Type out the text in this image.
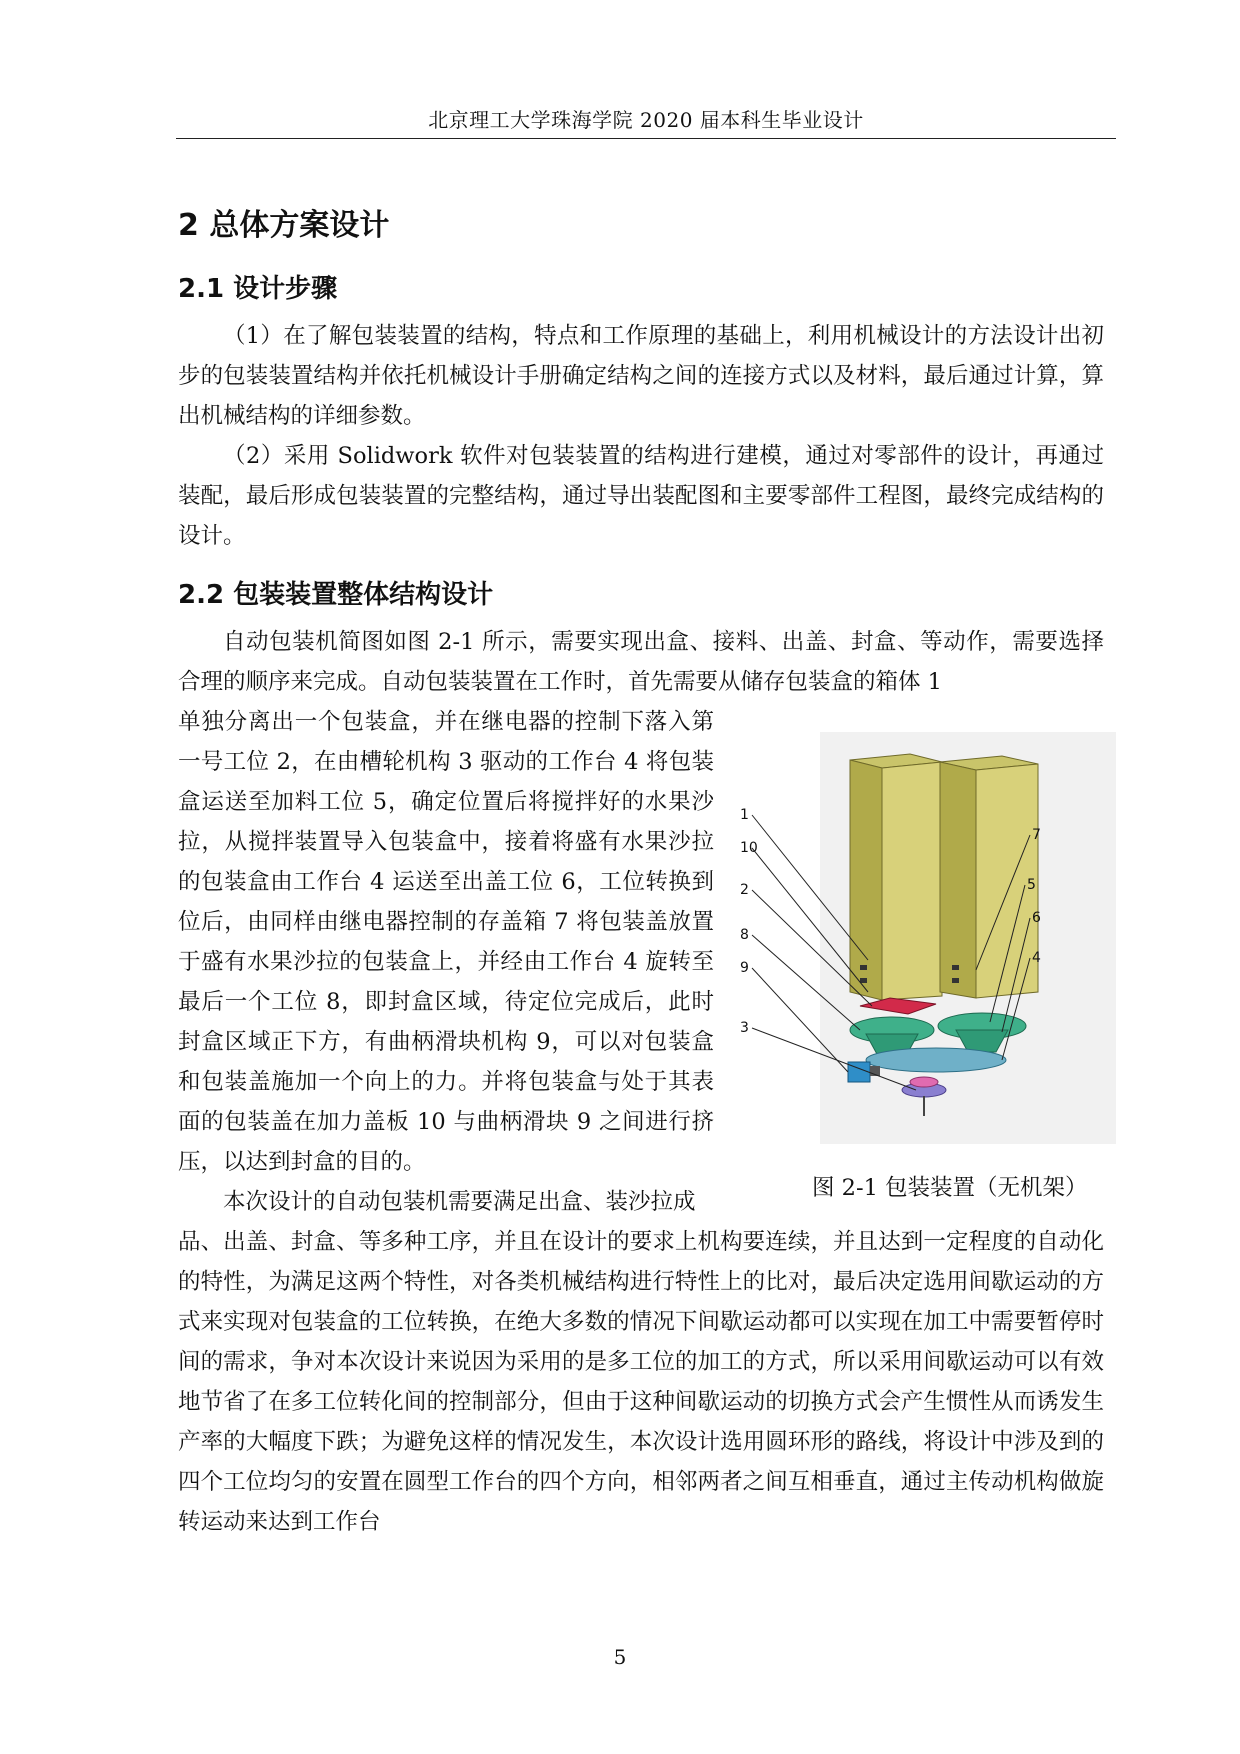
北京理工大学珠海学院 2020 届本科生毕业设计
2 总体方案设计
2.1 设计步骤
（1）在了解包装装置的结构，特点和工作原理的基础上，利用机械设计的方法设计出初步的包装装置结构并依托机械设计手册确定结构之间的连接方式以及材料，最后通过计算，算出机械结构的详细参数。
（2）采用 Solidwork 软件对包装装置的结构进行建模，通过对零部件的设计，再通过装配，最后形成包装装置的完整结构，通过导出装配图和主要零部件工程图，最终完成结构的设计。
2.2 包装装置整体结构设计
自动包装机简图如图 2-1 所示，需要实现出盒、接料、出盖、封盒、等动作，需要选择合理的顺序来完成。自动包装装置在工作时，首先需要从储存包装盒的箱体 1
单独分离出一个包装盒，并在继电器的控制下落入第一号工位 2，在由槽轮机构 3 驱动的工作台 4 将包装盒运送至加料工位 5，确定位置后将搅拌好的水果沙拉，从搅拌装置导入包装盒中，接着将盛有水果沙拉的包装盒由工作台 4 运送至出盖工位 6，工位转换到位后，由同样由继电器控制的存盖箱 7 将包装盖放置于盛有水果沙拉的包装盒上，并经由工作台 4 旋转至最后一个工位 8，即封盒区域，待定位完成后，此时封盒区域正下方，有曲柄滑块机构 9，可以对包装盒和包装盖施加一个向上的力。并将包装盒与处于其表面的包装盖在加力盖板 10 与曲柄滑块 9 之间进行挤压，以达到封盒的目的。
本次设计的自动包装机需要满足出盒、装沙拉成
品、出盖、封盒、等多种工序，并且在设计的要求上机构要连续，并且达到一定程度的自动化的特性，为满足这两个特性，对各类机械结构进行特性上的比对，最后决定选用间歇运动的方式来实现对包装盒的工位转换，在绝大多数的情况下间歇运动都可以实现在加工中需要暂停时间的需求，争对本次设计来说因为采用的是多工位的加工的方式，所以采用间歇运动可以有效地节省了在多工位转化间的控制部分，但由于这种间歇运动的切换方式会产生惯性从而诱发生产率的大幅度下跌；为避免这样的情况发生，本次设计选用圆环形的路线，将设计中涉及到的四个工位均匀的安置在圆型工作台的四个方向，相邻两者之间互相垂直，通过主传动机构做旋转运动来达到工作台
1
10
2
8
9
3
7
5
6
4
图 2-1 包装装置（无机架）
5
